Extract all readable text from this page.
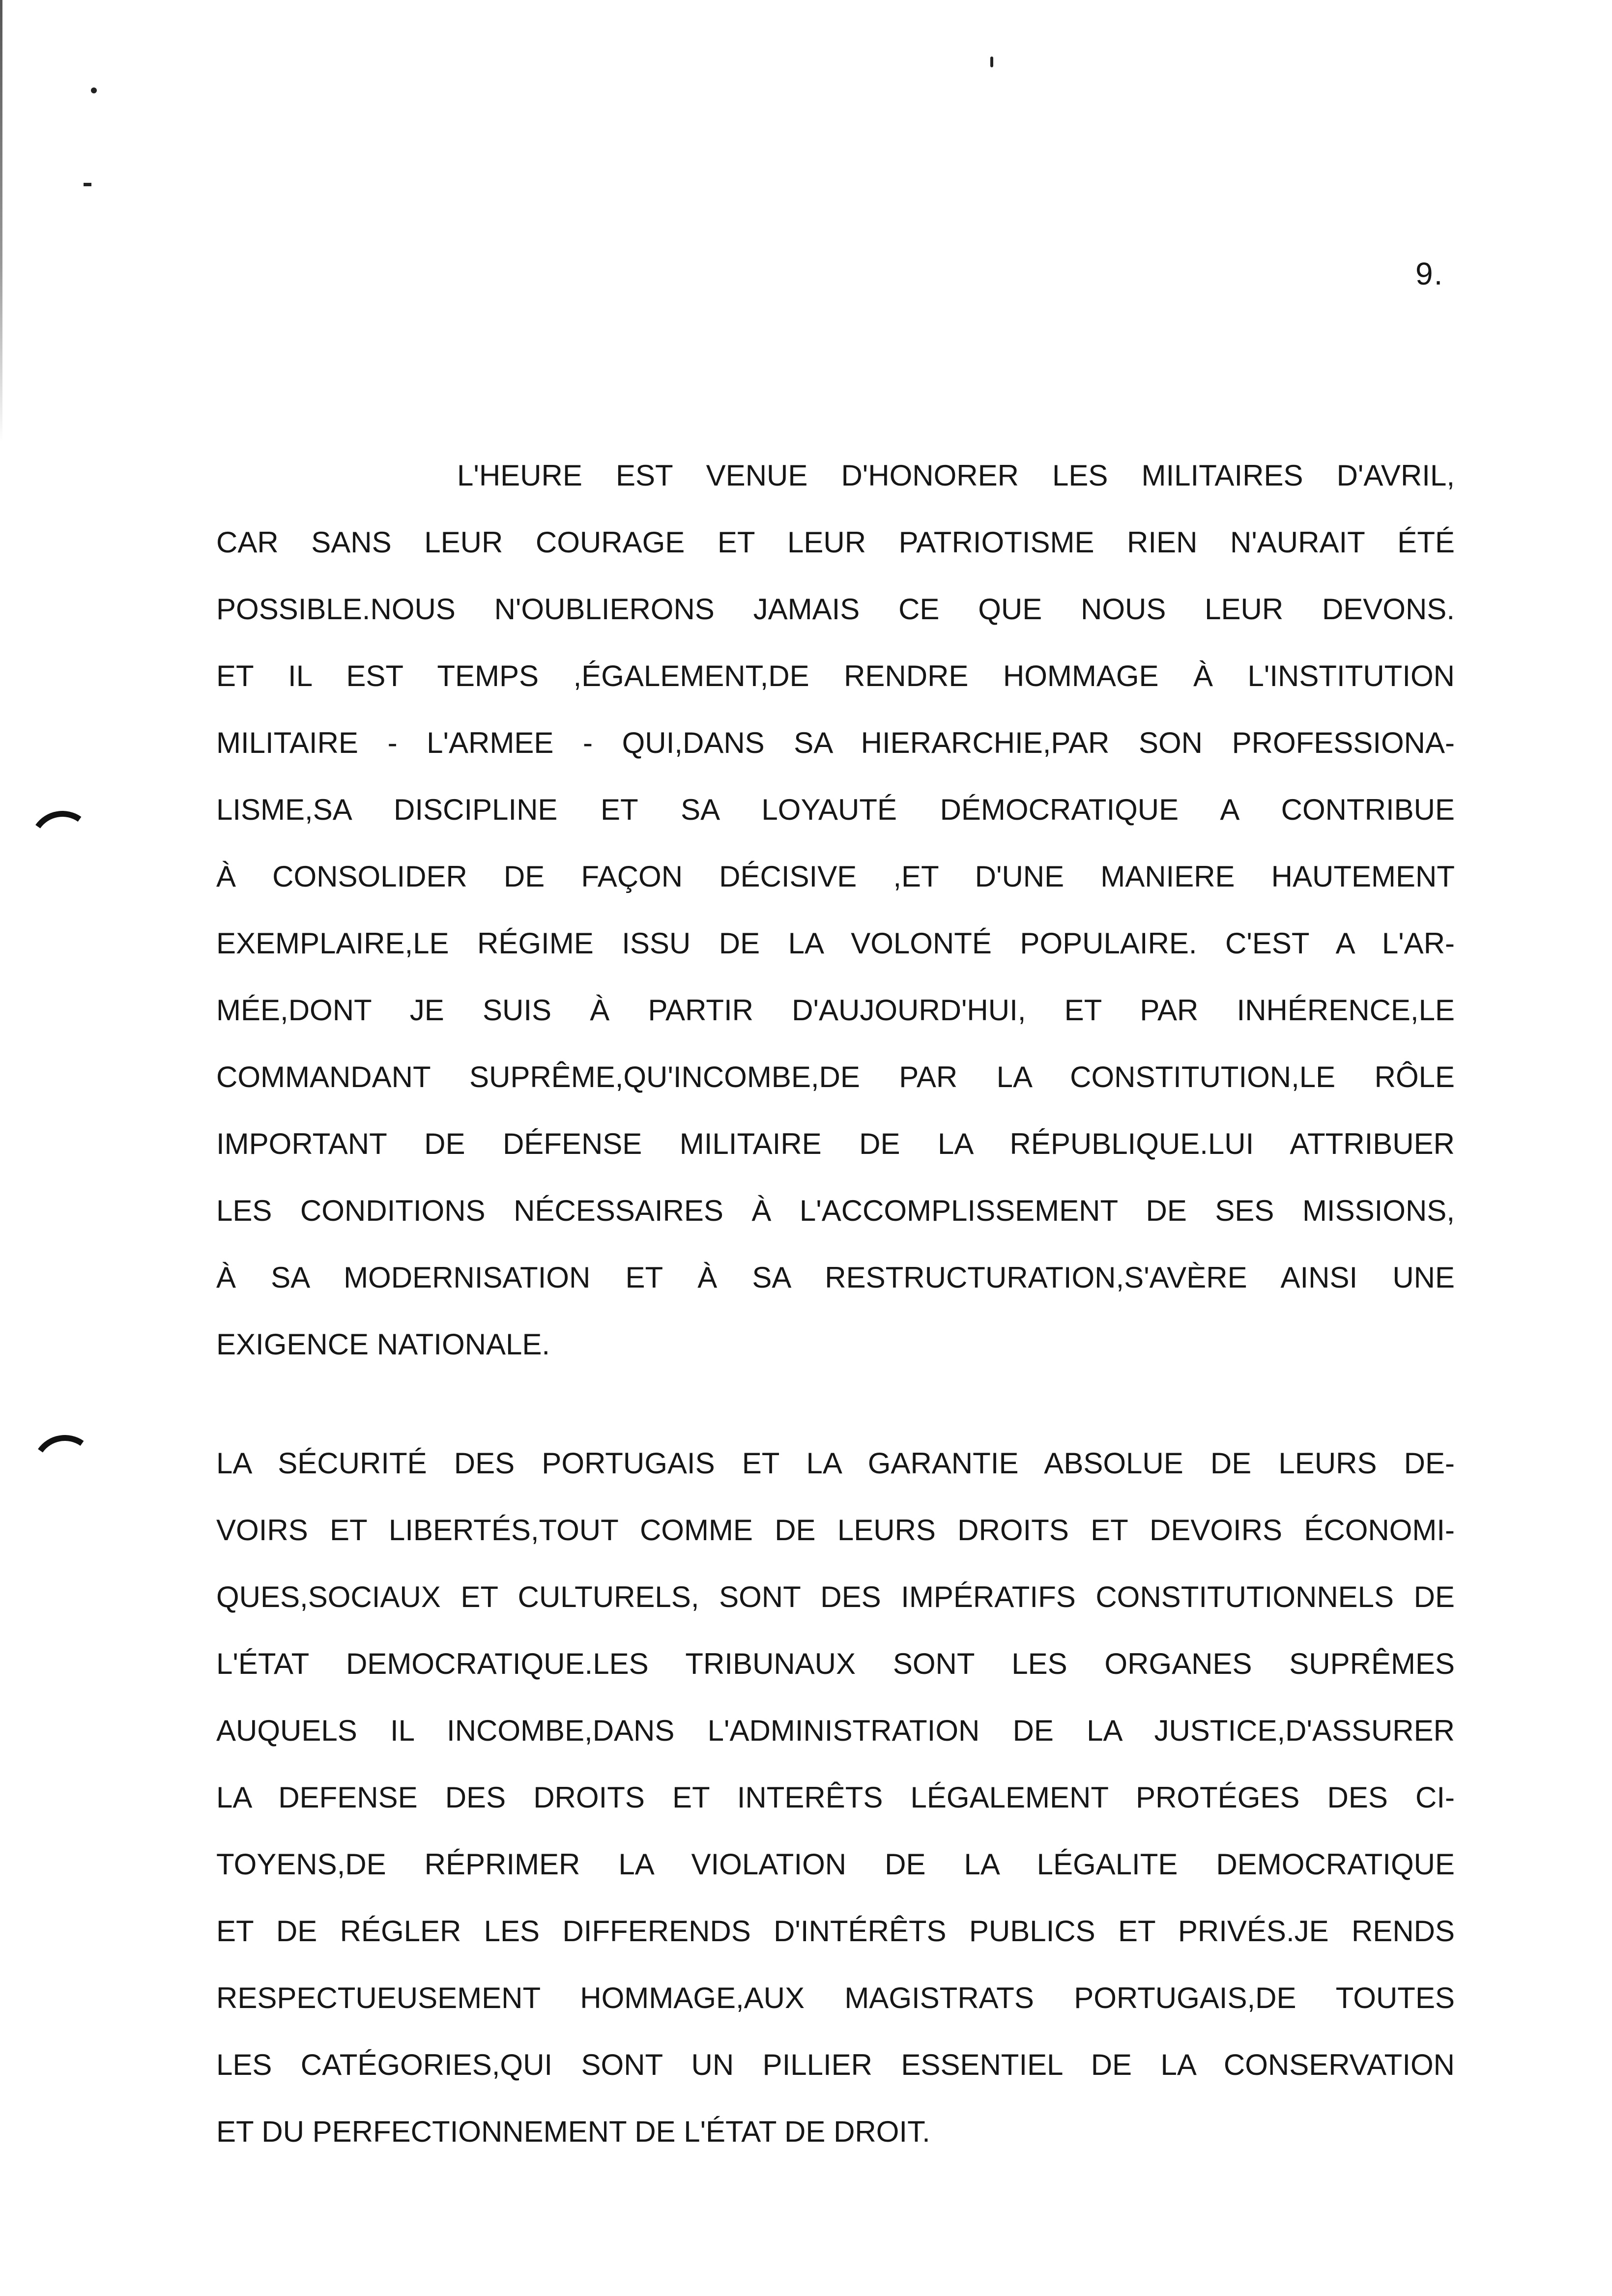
9.
L'HEURE EST VENUE D'HONORER LES MILITAIRES D'AVRIL,
CAR SANS LEUR COURAGE ET LEUR PATRIOTISME RIEN N'AURAIT ÉTÉ
POSSIBLE.NOUS N'OUBLIERONS JAMAIS CE QUE NOUS LEUR DEVONS.
ET IL EST TEMPS ,ÉGALEMENT,DE RENDRE HOMMAGE À L'INSTITUTION
MILITAIRE - L'ARMEE - QUI,DANS SA HIERARCHIE,PAR SON PROFESSIONA-
LISME,SA DISCIPLINE ET SA LOYAUTÉ DÉMOCRATIQUE A CONTRIBUE
À CONSOLIDER DE FAÇON DÉCISIVE ,ET D'UNE MANIERE HAUTEMENT
EXEMPLAIRE,LE RÉGIME ISSU DE LA VOLONTÉ POPULAIRE. C'EST A L'AR-
MÉE,DONT JE SUIS À PARTIR D'AUJOURD'HUI, ET PAR INHÉRENCE,LE
COMMANDANT SUPRÊME,QU'INCOMBE,DE PAR LA CONSTITUTION,LE RÔLE
IMPORTANT DE DÉFENSE MILITAIRE DE LA RÉPUBLIQUE.LUI ATTRIBUER
LES CONDITIONS NÉCESSAIRES À L'ACCOMPLISSEMENT DE SES MISSIONS,
À SA MODERNISATION ET À SA RESTRUCTURATION,S'AVÈRE AINSI UNE
EXIGENCE NATIONALE.
LA SÉCURITÉ DES PORTUGAIS ET LA GARANTIE ABSOLUE DE LEURS DE-
VOIRS ET LIBERTÉS,TOUT COMME DE LEURS DROITS ET DEVOIRS ÉCONOMI-
QUES,SOCIAUX ET CULTURELS, SONT DES IMPÉRATIFS CONSTITUTIONNELS DE
L'ÉTAT DEMOCRATIQUE.LES TRIBUNAUX SONT LES ORGANES SUPRÊMES
AUQUELS IL INCOMBE,DANS L'ADMINISTRATION DE LA JUSTICE,D'ASSURER
LA DEFENSE DES DROITS ET INTERÊTS LÉGALEMENT PROTÉGES DES CI-
TOYENS,DE RÉPRIMER LA VIOLATION DE LA LÉGALITE DEMOCRATIQUE
ET DE RÉGLER LES DIFFERENDS D'INTÉRÊTS PUBLICS ET PRIVÉS.JE RENDS
RESPECTUEUSEMENT HOMMAGE,AUX MAGISTRATS PORTUGAIS,DE TOUTES
LES CATÉGORIES,QUI SONT UN PILLIER ESSENTIEL DE LA CONSERVATION
ET DU PERFECTIONNEMENT DE L'ÉTAT DE DROIT.
